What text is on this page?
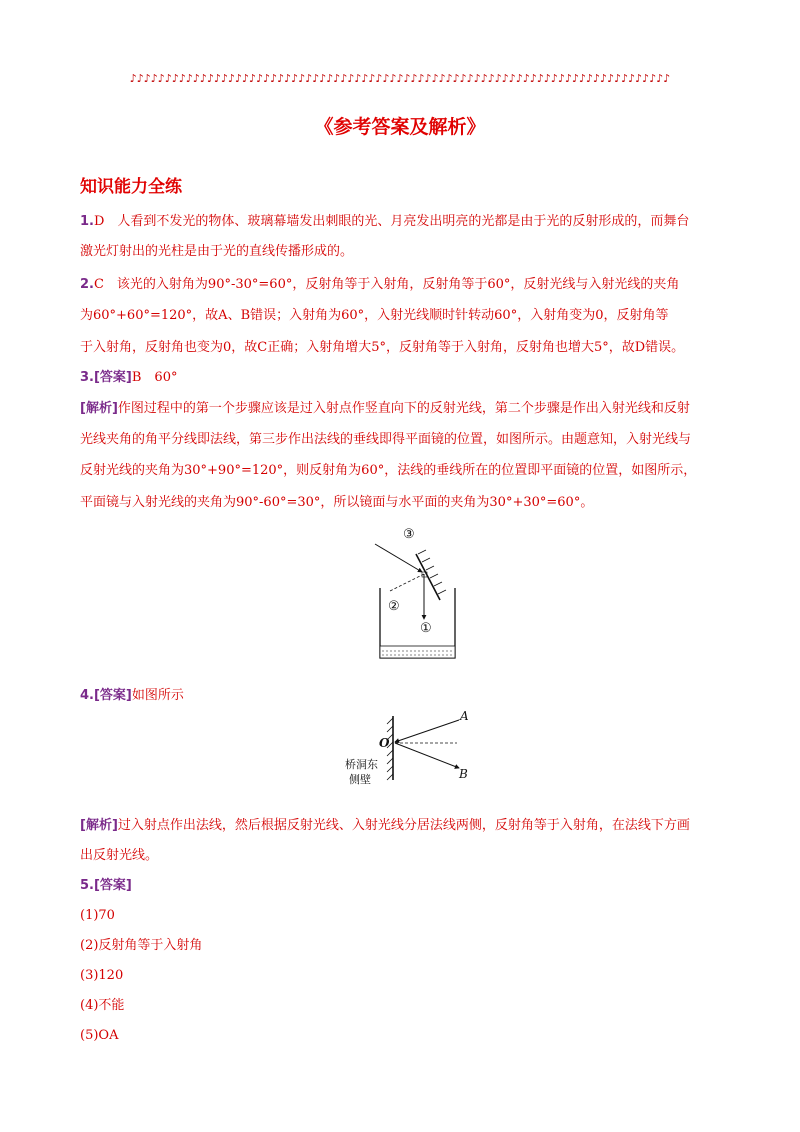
♪♪♪♪♪♪♪♪♪♪♪♪♪♪♪♪♪♪♪♪♪♪♪♪♪♪♪♪♪♪♪♪♪♪♪♪♪♪♪♪♪♪♪♪♪♪♪♪♪♪♪♪♪♪♪♪♪♪♪♪♪♪♪♪♪♪♪♪♪♪♪♪♪♪♪♪♪
《参考答案及解析》
知识能力全练
1.D　人看到不发光的物体、玻璃幕墙发出刺眼的光、月亮发出明亮的光都是由于光的反射形成的，而舞台
激光灯射出的光柱是由于光的直线传播形成的。
2.C　该光的入射角为90°-30°=60°，反射角等于入射角，反射角等于60°，反射光线与入射光线的夹角
为60°+60°=120°，故A、B错误；入射角为60°，入射光线顺时针转动60°，入射角变为0，反射角等
于入射角，反射角也变为0，故C正确；入射角增大5°，反射角等于入射角，反射角也增大5°，故D错误。
3.[答案]B　60°
[解析]作图过程中的第一个步骤应该是过入射点作竖直向下的反射光线，第二个步骤是作出入射光线和反射
光线夹角的角平分线即法线，第三步作出法线的垂线即得平面镜的位置，如图所示。由题意知，入射光线与
反射光线的夹角为30°+90°=120°，则反射角为60°，法线的垂线所在的位置即平面镜的位置，如图所示，
平面镜与入射光线的夹角为90°-60°=30°，所以镜面与水平面的夹角为30°+30°=60°。
③
②
①
4.[答案]如图所示
A
B
O
桥洞东
侧壁
[解析]过入射点作出法线，然后根据反射光线、入射光线分居法线两侧，反射角等于入射角，在法线下方画
出反射光线。
5.[答案]
(1)70
(2)反射角等于入射角
(3)120
(4)不能
(5)OA
